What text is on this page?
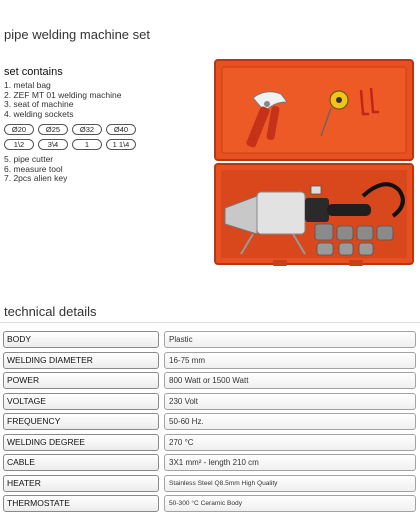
pipe welding machine set
set contains
1. metal bag
2. ZEF MT 01 welding machine
3. seat of machine
4. welding sockets
Ø20	Ø25	Ø32	Ø40
1\2	3\4	1	1 1\4
5. pipe cutter
6. measure tool
7. 2pcs alien key
technical details
BODY	Plastic
WELDING DIAMETER	16-75 mm
POWER	800 Watt or 1500 Watt
VOLTAGE	230 Volt
FREQUENCY	50-60 Hz.
WELDING DEGREE	270 °C
CABLE	3X1 mm² - length 210 cm
HEATER	Stainless Steel Q8.5mm High Quality
THERMOSTATE	50-300 °C Ceramic Body
